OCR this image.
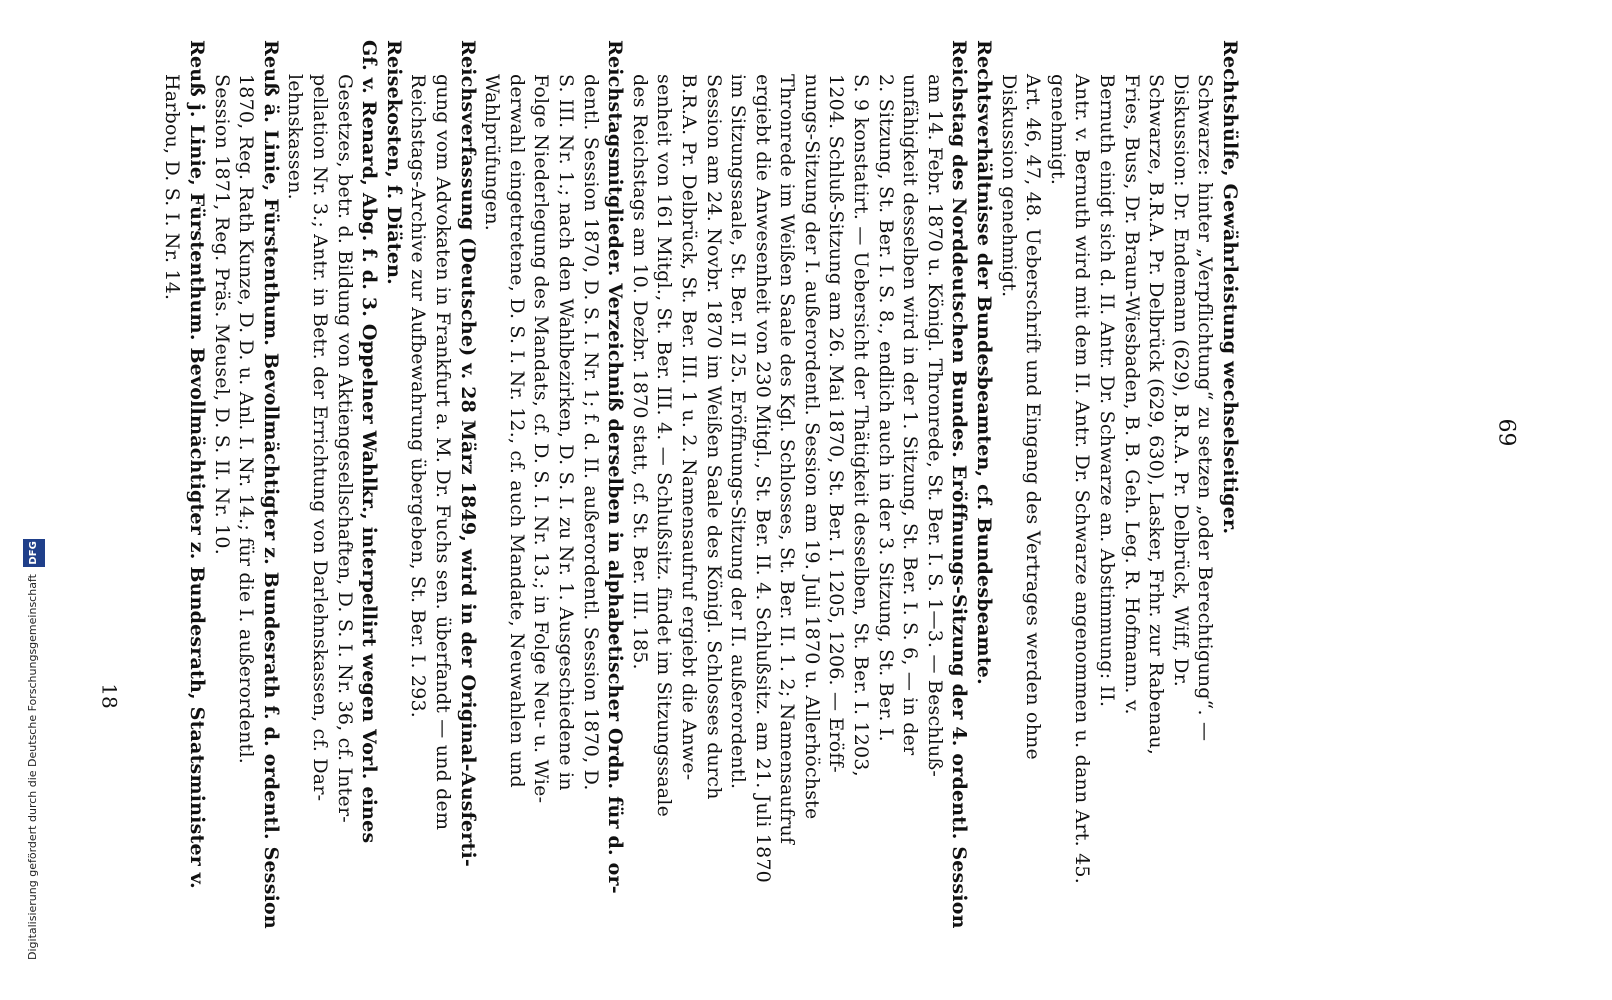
69
18
Rechtshülfe, Gewährleistung wechselseitiger.
Schwarze: hinter „Verpflichtung“ zu setzen „oder Berechtigung“. —
Diskussion: Dr. Endemann (629), B.R.A. Pr. Delbrück, Wiff, Dr.
Schwarze, B.R.A. Pr. Delbrück (629, 630), Lasker, Frhr. zur Rabenau,
Fries, Buss, Dr. Braun-Wiesbaden, B. B. Geh. Leg. R. Hofmann. v.
Bernuth einigt sich d. II. Antr. Dr. Schwarze an. Abstimmung: II.
Antr. v. Bernuth wird mit dem II. Antr. Dr. Schwarze angenommen u. dann Art. 45. genehmigt.
Art. 46, 47, 48. Ueberschrift und Eingang des Vertrages werden ohne
Diskussion genehmigt.
Rechtsverhältnisse der Bundesbeamten, cf. Bundesbeamte.
Reichstag des Norddeutschen Bundes. Eröffnungs-Sitzung der 4. ordentl. Session
am 14. Febr. 1870 u. Königl. Thronrede, St. Ber. I. S. 1—3. — Beschluß-
unfähigkeit desselben wird in der 1. Sitzung, St. Ber. I. S. 6, — in der
2. Sitzung, St. Ber. I. S. 8., endlich auch in der 3. Sitzung, St. Ber. I.
S. 9 konstatirt. — Uebersicht der Thätigkeit desselben, St. Ber. I. 1203,
1204. Schluß-Sitzung am 26. Mai 1870, St. Ber. I. 1205, 1206. — Eröff-
nungs-Sitzung der I. außerordentl. Session am 19. Juli 1870 u. Allerhöchste
Thronrede im Weißen Saale des Kgl. Schlosses, St. Ber. II. 1. 2; Namensaufruf
ergiebt die Anwesenheit von 230 Mitgl., St. Ber. II. 4. Schlußsitz. am 21. Juli 1870
im Sitzungssaale, St. Ber. II 25. Eröffnungs-Sitzung der II. außerordentl.
Session am 24. Novbr. 1870 im Weißen Saale des Königl. Schlosses durch
B.R.A. Pr. Delbrück, St. Ber. III. 1 u. 2. Namensaufruf ergiebt die Anwe-
senheit von 161 Mitgl., St. Ber. III. 4. — Schlußsitz. findet im Sitzungssaale
des Reichstags am 10. Dezbr. 1870 statt, cf. St. Ber. III. 185.
Reichstagsmitglieder. Verzeichniß derselben in alphabetischer Ordn. für d. or-
dentl. Session 1870, D. S. I. Nr. 1; f. d. II. außerordentl. Session 1870, D.
S. III. Nr. 1.; nach den Wahlbezirken, D. S. I. zu Nr. 1. Ausgeschiedene in
Folge Niederlegung des Mandats, cf. D. S. I. Nr. 13.; in Folge Neu- u. Wie-
derwahl eingetretene, D. S. I. Nr. 12., cf. auch Mandate, Neuwahlen und
Wahlprüfungen.
Reichsverfassung (Deutsche) v. 28 März 1849, wird in der Original-Ausferti-
gung vom Advokaten in Frankfurt a. M. Dr. Fuchs sen. überfandt — und dem
Reichstags-Archive zur Aufbewahrung übergeben, St. Ber. I. 293.
Reisekosten, f. Diäten.
Gf. v. Renard, Abg. f. d. 3. Oppelner Wahlkr., interpellirt wegen Vorl. eines
Gesetzes, betr. d. Bildung von Aktiengesellschaften, D. S. I. Nr. 36, cf. Inter-
pellation Nr. 3.; Antr. in Betr. der Errichtung von Darlehnskassen, cf. Dar-
lehnskassen.
Reuß ä. Linie, Fürstenthum. Bevollmächtigter z. Bundesrath f. d. ordentl. Session
1870, Reg. Rath Kunze, D. D. u. Anl. I. Nr. 14.; für die I. außerordentl.
Session 1871, Reg. Präs. Meusel, D. S. II. Nr. 10.
Reuß j. Linie, Fürstenthum. Bevollmächtigter z. Bundesrath, Staatsminister v.
Harbou, D. S. I. Nr. 14.
Digitalisierung gefördert durch die Deutsche Forschungsgemeinschaft DFG
